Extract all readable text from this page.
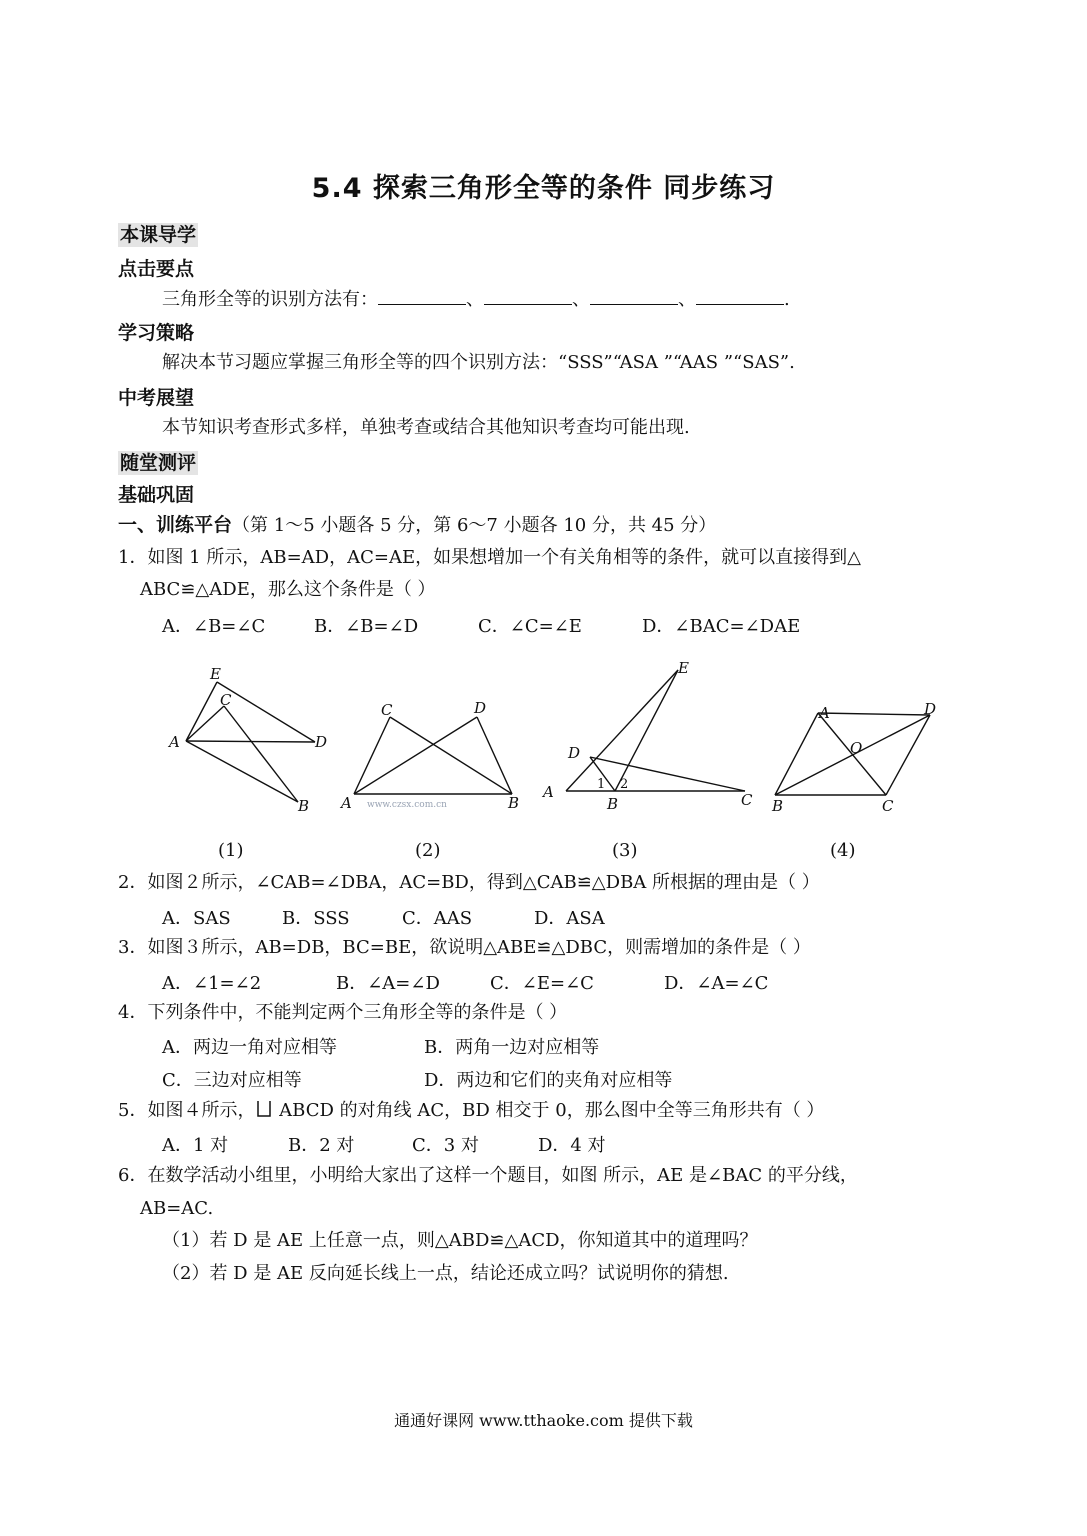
5.4 探索三角形全等的条件 同步练习
本课导学
点击要点
三角形全等的识别方法有：	、	、	、	.
学习策略
解决本节习题应掌握三角形全等的四个识别方法：“SSS”“ASA ”“AAS ”“SAS”.
中考展望
本节知识考查形式多样，单独考查或结合其他知识考查均可能出现.
随堂测评
基础巩固
一、训练平台（第 1～5 小题各 5 分，第 6～7 小题各 10 分，共 45 分）
1．如图 1 所示，AB=AD，AC=AE，如果想增加一个有关角相等的条件，就可以直接得到△
ABC≌△ADE，那么这个条件是（ ）
A．∠B=∠C	B．∠B=∠D	C．∠C=∠E	D．∠BAC=∠DAE
E
C
A	D
B
C	D
A	B
www.czsx.com.cn
E
D
A	1 2
B	C
A	D
O
B	C
(1)	(2)	(3)	(4)
2．如图２所示，∠CAB=∠DBA，AC=BD，得到△CAB≌△DBA 所根据的理由是（ ）
A．SAS	B．SSS	C．AAS	D．ASA
3．如图３所示，AB=DB，BC=BE，欲说明△ABE≌△DBC，则需增加的条件是（ ）
A．∠1=∠2	B．∠A=∠D	C．∠E=∠C	D．∠A=∠C
4．下列条件中，不能判定两个三角形全等的条件是（ ）
A．两边一角对应相等	B．两角一边对应相等
C．三边对应相等	D．两边和它们的夹角对应相等
5．如图４所示， ABCD 的对角线 AC，BD 相交于 0，那么图中全等三角形共有（ ）
A．1 对	B．2 对	C．3 对	D．4 对
6．在数学活动小组里，小明给大家出了这样一个题目，如图 所示，AE 是∠BAC 的平分线，
AB=AC.
（1）若 D 是 AE 上任意一点，则△ABD≌△ACD，你知道其中的道理吗？
（2）若 D 是 AE 反向延长线上一点，结论还成立吗？试说明你的猜想.
通通好课网 www.tthaoke.com 提供下载
